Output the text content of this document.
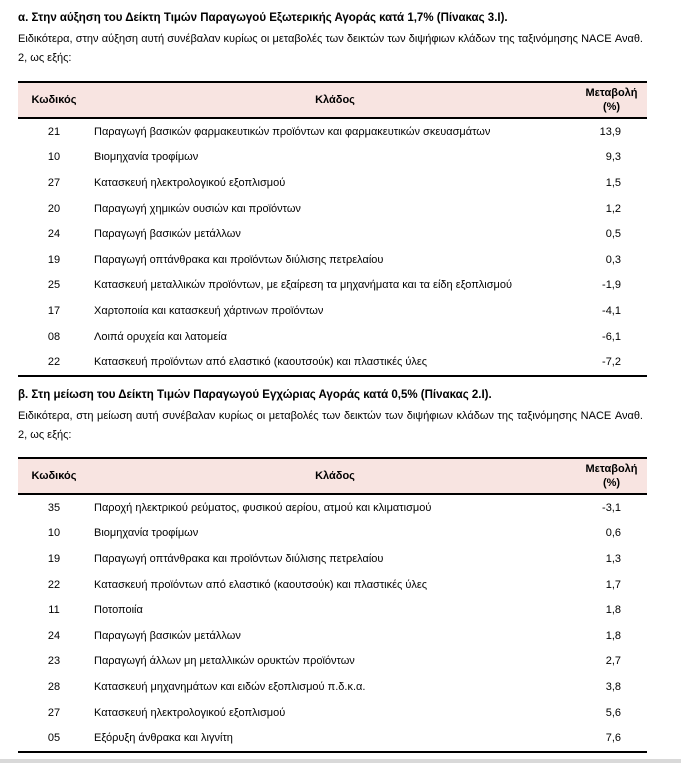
α. Στην αύξηση του Δείκτη Τιμών Παραγωγού Εξωτερικής Αγοράς κατά 1,7% (Πίνακας 3.Ι).
Ειδικότερα, στην αύξηση αυτή συνέβαλαν κυρίως οι μεταβολές των δεικτών των διψήφιων κλάδων της ταξινόμησης NACE Αναθ. 2, ως εξής:
Κωδικός	Κλάδος	Μεταβολή
(%)
21	Παραγωγή βασικών φαρμακευτικών προϊόντων και φαρμακευτικών σκευασμάτων	13,9
10	Βιομηχανία τροφίμων	9,3
27	Κατασκευή ηλεκτρολογικού εξοπλισμού	1,5
20	Παραγωγή χημικών ουσιών και προϊόντων	1,2
24	Παραγωγή βασικών μετάλλων	0,5
19	Παραγωγή οπτάνθρακα και προϊόντων διύλισης πετρελαίου	0,3
25	Κατασκευή μεταλλικών προϊόντων, με εξαίρεση τα μηχανήματα και τα είδη εξοπλισμού	-1,9
17	Χαρτοποιία και κατασκευή χάρτινων προϊόντων	-4,1
08	Λοιπά ορυχεία και λατομεία	-6,1
22	Κατασκευή προϊόντων από ελαστικό (καουτσούκ) και πλαστικές ύλες	-7,2
β. Στη μείωση του Δείκτη Τιμών Παραγωγού Εγχώριας Αγοράς κατά 0,5% (Πίνακας 2.Ι).
Ειδικότερα, στη μείωση αυτή συνέβαλαν κυρίως οι μεταβολές των δεικτών των διψήφιων κλάδων της ταξινόμησης NACE Αναθ. 2, ως εξής:
Κωδικός	Κλάδος	Μεταβολή
(%)
35	Παροχή ηλεκτρικού ρεύματος, φυσικού αερίου, ατμού και κλιματισμού	-3,1
10	Βιομηχανία τροφίμων	0,6
19	Παραγωγή οπτάνθρακα και προϊόντων διύλισης πετρελαίου	1,3
22	Κατασκευή προϊόντων από ελαστικό (καουτσούκ) και πλαστικές ύλες	1,7
11	Ποτοποιία	1,8
24	Παραγωγή βασικών μετάλλων	1,8
23	Παραγωγή άλλων μη μεταλλικών ορυκτών προϊόντων	2,7
28	Κατασκευή μηχανημάτων και ειδών εξοπλισμού π.δ.κ.α.	3,8
27	Κατασκευή ηλεκτρολογικού εξοπλισμού	5,6
05	Εξόρυξη άνθρακα και λιγνίτη	7,6
